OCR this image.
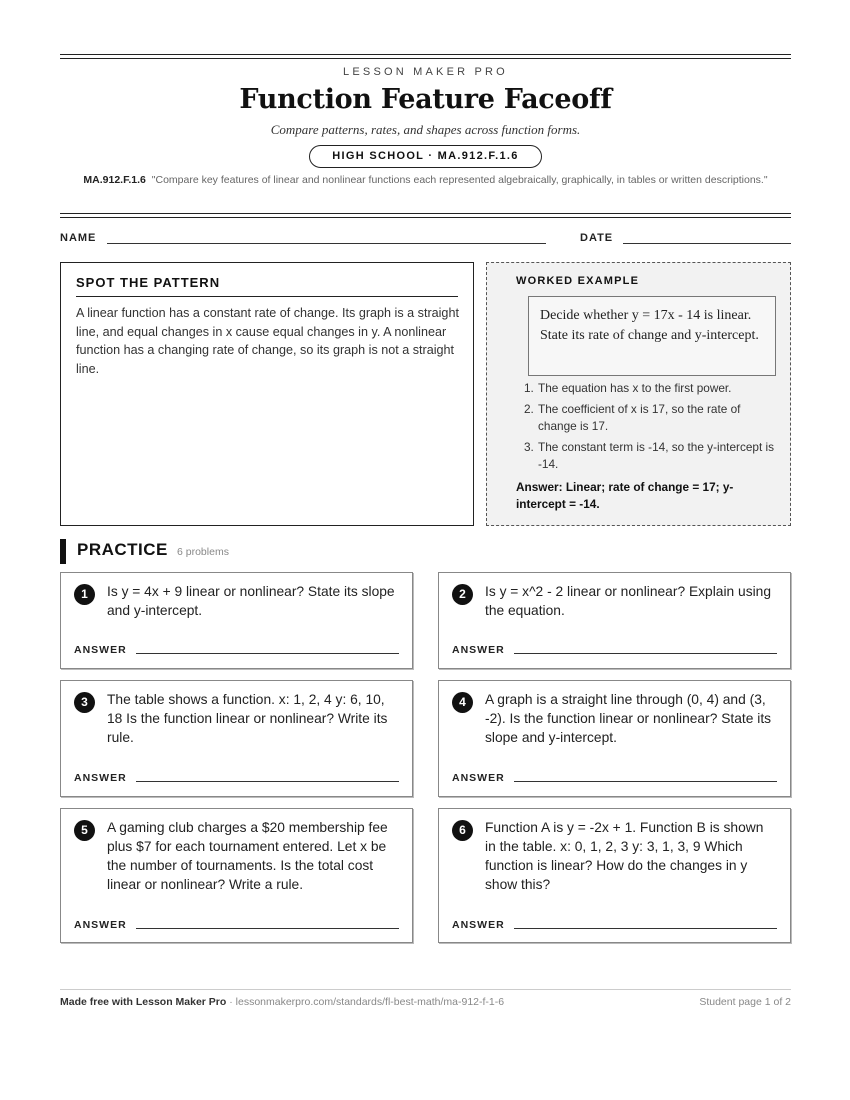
LESSON MAKER PRO
Function Feature Faceoff
Compare patterns, rates, and shapes across function forms.
HIGH SCHOOL · MA.912.F.1.6
MA.912.F.1.6 "Compare key features of linear and nonlinear functions each represented algebraically, graphically, in tables or written descriptions."
NAME	DATE
SPOT THE PATTERN
A linear function has a constant rate of change. Its graph is a straight line, and equal changes in x cause equal changes in y. A nonlinear function has a changing rate of change, so its graph is not a straight line.
WORKED EXAMPLE
Decide whether y = 17x - 14 is linear. State its rate of change and y-intercept.
1. The equation has x to the first power.
2. The coefficient of x is 17, so the rate of change is 17.
3. The constant term is -14, so the y-intercept is -14.
Answer: Linear; rate of change = 17; y-intercept = -14.
PRACTICE 6 problems
1	Is y = 4x + 9 linear or nonlinear? State its slope and y-intercept.
ANSWER
2	Is y = x^2 - 2 linear or nonlinear? Explain using the equation.
ANSWER
3	The table shows a function. x: 1, 2, 4 y: 6, 10, 18 Is the function linear or nonlinear? Write its rule.
ANSWER
4	A graph is a straight line through (0, 4) and (3, -2). Is the function linear or nonlinear? State its slope and y-intercept.
ANSWER
5	A gaming club charges a $20 membership fee plus $7 for each tournament entered. Let x be the number of tournaments. Is the total cost linear or nonlinear? Write a rule.
ANSWER
6	Function A is y = -2x + 1. Function B is shown in the table. x: 0, 1, 2, 3 y: 3, 1, 3, 9 Which function is linear? How do the changes in y show this?
ANSWER
Made free with Lesson Maker Pro · lessonmakerpro.com/standards/fl-best-math/ma-912-f-1-6	Student page 1 of 2
